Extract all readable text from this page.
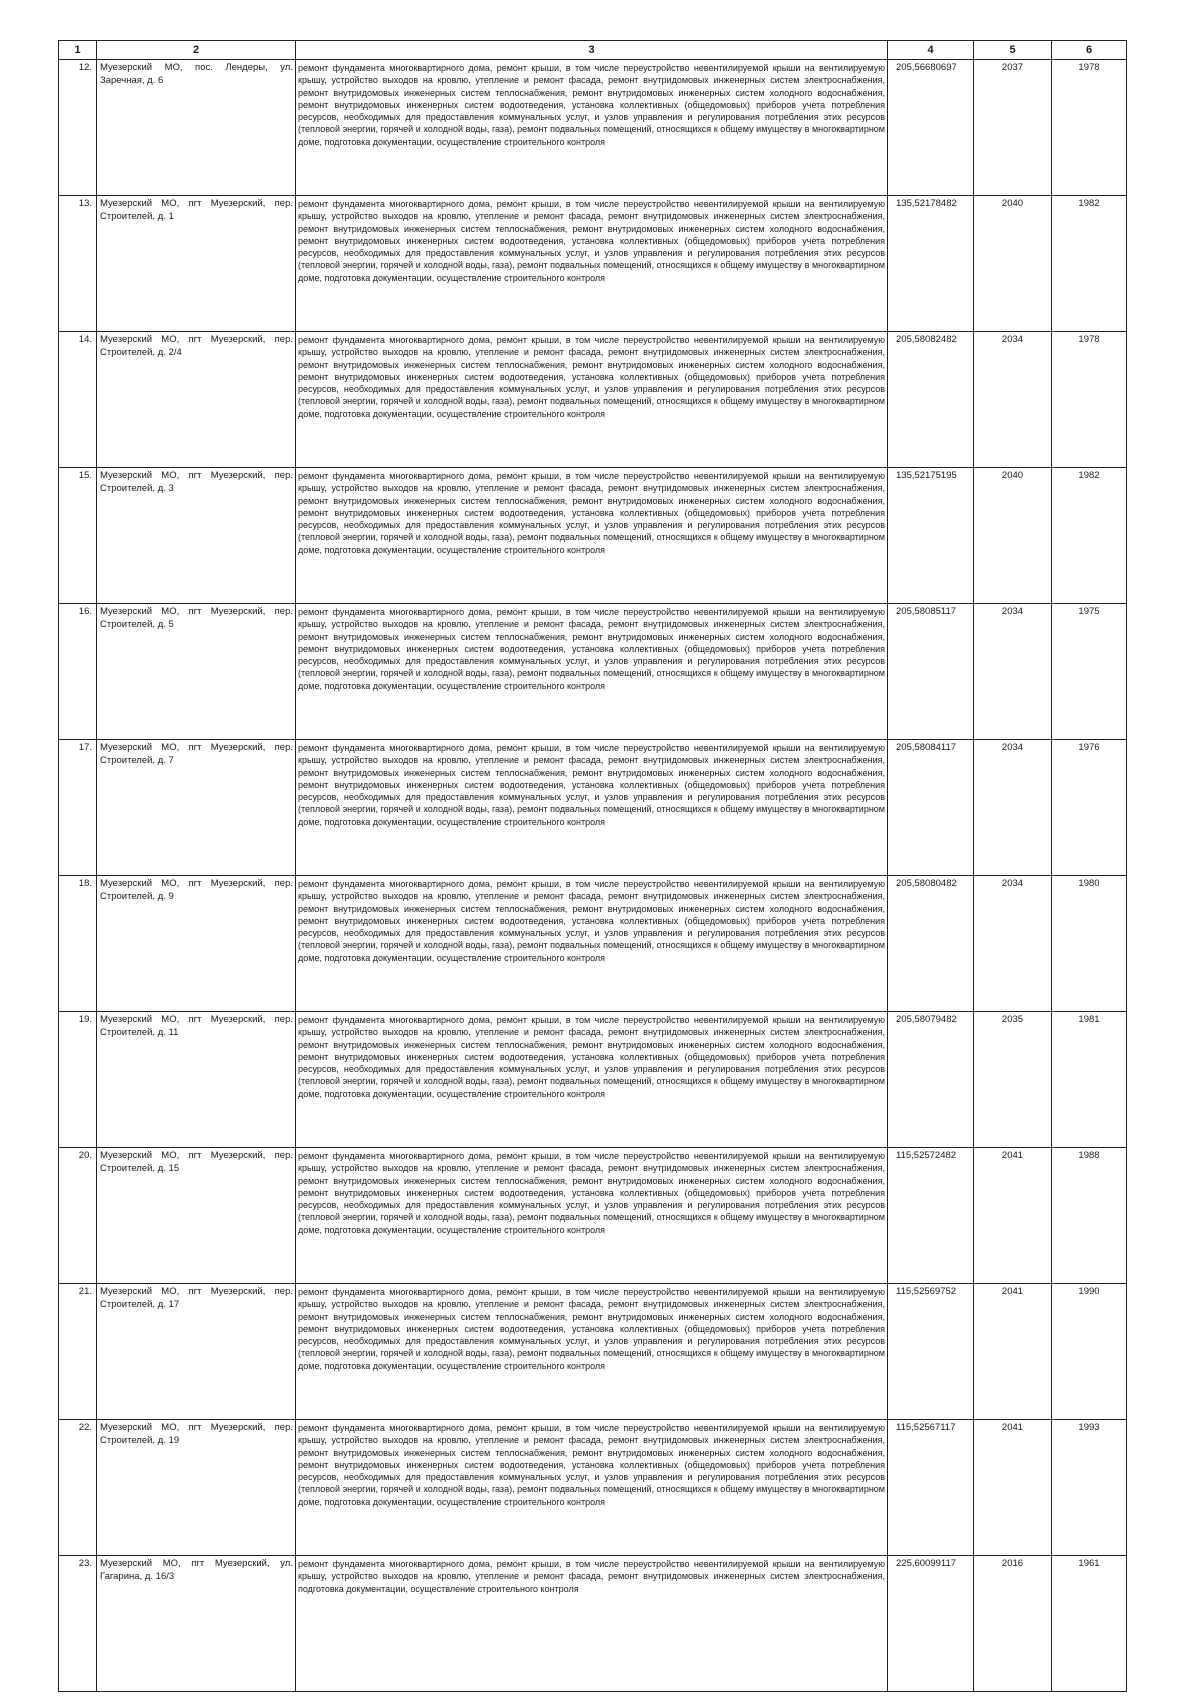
1	2	3	4	5	6
12.	Муезерский МО, пос. Лендеры, ул. Заречная, д. 6	ремонт фундамента многоквартирного дома, ремонт крыши, в том числе переустройство невентилируемой крыши на вентилируемую крышу, устройство выходов на кровлю, утепление и ремонт фасада, ремонт внутридомовых инженерных систем электроснабжения, ремонт внутридомовых инженерных систем теплоснабжения, ремонт внутридомовых инженерных систем холодного водоснабжения, ремонт внутридомовых инженерных систем водоотведения, установка коллективных (общедомовых) приборов учета потребления ресурсов, необходимых для предоставления коммунальных услуг, и узлов управления и регулирования потребления этих ресурсов (тепловой энергии, горячей и холодной воды, газа), ремонт подвальных помещений, относящихся к общему имуществу в многоквартирном доме, подготовка документации, осуществление строительного контроля	205,56680697	2037	1978
13.	Муезерский МО, пгт Муезерский, пер. Строителей, д. 1	ремонт фундамента многоквартирного дома, ремонт крыши, в том числе переустройство невентилируемой крыши на вентилируемую крышу, устройство выходов на кровлю, утепление и ремонт фасада, ремонт внутридомовых инженерных систем электроснабжения, ремонт внутридомовых инженерных систем теплоснабжения, ремонт внутридомовых инженерных систем холодного водоснабжения, ремонт внутридомовых инженерных систем водоотведения, установка коллективных (общедомовых) приборов учета потребления ресурсов, необходимых для предоставления коммунальных услуг, и узлов управления и регулирования потребления этих ресурсов (тепловой энергии, горячей и холодной воды, газа), ремонт подвальных помещений, относящихся к общему имуществу в многоквартирном доме, подготовка документации, осуществление строительного контроля	135,52178482	2040	1982
14.	Муезерский МО, пгт Муезерский, пер. Строителей, д. 2/4	ремонт фундамента многоквартирного дома, ремонт крыши, в том числе переустройство невентилируемой крыши на вентилируемую крышу, устройство выходов на кровлю, утепление и ремонт фасада, ремонт внутридомовых инженерных систем электроснабжения, ремонт внутридомовых инженерных систем теплоснабжения, ремонт внутридомовых инженерных систем холодного водоснабжения, ремонт внутридомовых инженерных систем водоотведения, установка коллективных (общедомовых) приборов учета потребления ресурсов, необходимых для предоставления коммунальных услуг, и узлов управления и регулирования потребления этих ресурсов (тепловой энергии, горячей и холодной воды, газа), ремонт подвальных помещений, относящихся к общему имуществу в многоквартирном доме, подготовка документации, осуществление строительного контроля	205,58082482	2034	1978
15.	Муезерский МО, пгт Муезерский, пер. Строителей, д. 3	ремонт фундамента многоквартирного дома, ремонт крыши, в том числе переустройство невентилируемой крыши на вентилируемую крышу, устройство выходов на кровлю, утепление и ремонт фасада, ремонт внутридомовых инженерных систем электроснабжения, ремонт внутридомовых инженерных систем теплоснабжения, ремонт внутридомовых инженерных систем холодного водоснабжения, ремонт внутридомовых инженерных систем водоотведения, установка коллективных (общедомовых) приборов учета потребления ресурсов, необходимых для предоставления коммунальных услуг, и узлов управления и регулирования потребления этих ресурсов (тепловой энергии, горячей и холодной воды, газа), ремонт подвальных помещений, относящихся к общему имуществу в многоквартирном доме, подготовка документации, осуществление строительного контроля	135,52175195	2040	1982
16.	Муезерский МО, пгт Муезерский, пер. Строителей, д. 5	ремонт фундамента многоквартирного дома, ремонт крыши, в том числе переустройство невентилируемой крыши на вентилируемую крышу, устройство выходов на кровлю, утепление и ремонт фасада, ремонт внутридомовых инженерных систем электроснабжения, ремонт внутридомовых инженерных систем теплоснабжения, ремонт внутридомовых инженерных систем холодного водоснабжения, ремонт внутридомовых инженерных систем водоотведения, установка коллективных (общедомовых) приборов учета потребления ресурсов, необходимых для предоставления коммунальных услуг, и узлов управления и регулирования потребления этих ресурсов (тепловой энергии, горячей и холодной воды, газа), ремонт подвальных помещений, относящихся к общему имуществу в многоквартирном доме, подготовка документации, осуществление строительного контроля	205,58085117	2034	1975
17.	Муезерский МО, пгт Муезерский, пер. Строителей, д. 7	ремонт фундамента многоквартирного дома, ремонт крыши, в том числе переустройство невентилируемой крыши на вентилируемую крышу, устройство выходов на кровлю, утепление и ремонт фасада, ремонт внутридомовых инженерных систем электроснабжения, ремонт внутридомовых инженерных систем теплоснабжения, ремонт внутридомовых инженерных систем холодного водоснабжения, ремонт внутридомовых инженерных систем водоотведения, установка коллективных (общедомовых) приборов учета потребления ресурсов, необходимых для предоставления коммунальных услуг, и узлов управления и регулирования потребления этих ресурсов (тепловой энергии, горячей и холодной воды, газа), ремонт подвальных помещений, относящихся к общему имуществу в многоквартирном доме, подготовка документации, осуществление строительного контроля	205,58084117	2034	1976
18.	Муезерский МО, пгт Муезерский, пер. Строителей, д. 9	ремонт фундамента многоквартирного дома, ремонт крыши, в том числе переустройство невентилируемой крыши на вентилируемую крышу, устройство выходов на кровлю, утепление и ремонт фасада, ремонт внутридомовых инженерных систем электроснабжения, ремонт внутридомовых инженерных систем теплоснабжения, ремонт внутридомовых инженерных систем холодного водоснабжения, ремонт внутридомовых инженерных систем водоотведения, установка коллективных (общедомовых) приборов учета потребления ресурсов, необходимых для предоставления коммунальных услуг, и узлов управления и регулирования потребления этих ресурсов (тепловой энергии, горячей и холодной воды, газа), ремонт подвальных помещений, относящихся к общему имуществу в многоквартирном доме, подготовка документации, осуществление строительного контроля	205,58080482	2034	1980
19.	Муезерский МО, пгт Муезерский, пер. Строителей, д. 11	ремонт фундамента многоквартирного дома, ремонт крыши, в том числе переустройство невентилируемой крыши на вентилируемую крышу, устройство выходов на кровлю, утепление и ремонт фасада, ремонт внутридомовых инженерных систем электроснабжения, ремонт внутридомовых инженерных систем теплоснабжения, ремонт внутридомовых инженерных систем холодного водоснабжения, ремонт внутридомовых инженерных систем водоотведения, установка коллективных (общедомовых) приборов учета потребления ресурсов, необходимых для предоставления коммунальных услуг, и узлов управления и регулирования потребления этих ресурсов (тепловой энергии, горячей и холодной воды, газа), ремонт подвальных помещений, относящихся к общему имуществу в многоквартирном доме, подготовка документации, осуществление строительного контроля	205,58079482	2035	1981
20.	Муезерский МО, пгт Муезерский, пер. Строителей, д. 15	ремонт фундамента многоквартирного дома, ремонт крыши, в том числе переустройство невентилируемой крыши на вентилируемую крышу, устройство выходов на кровлю, утепление и ремонт фасада, ремонт внутридомовых инженерных систем электроснабжения, ремонт внутридомовых инженерных систем теплоснабжения, ремонт внутридомовых инженерных систем холодного водоснабжения, ремонт внутридомовых инженерных систем водоотведения, установка коллективных (общедомовых) приборов учета потребления ресурсов, необходимых для предоставления коммунальных услуг, и узлов управления и регулирования потребления этих ресурсов (тепловой энергии, горячей и холодной воды, газа), ремонт подвальных помещений, относящихся к общему имуществу в многоквартирном доме, подготовка документации, осуществление строительного контроля	115,52572482	2041	1988
21.	Муезерский МО, пгт Муезерский, пер. Строителей, д. 17	ремонт фундамента многоквартирного дома, ремонт крыши, в том числе переустройство невентилируемой крыши на вентилируемую крышу, устройство выходов на кровлю, утепление и ремонт фасада, ремонт внутридомовых инженерных систем электроснабжения, ремонт внутридомовых инженерных систем теплоснабжения, ремонт внутридомовых инженерных систем холодного водоснабжения, ремонт внутридомовых инженерных систем водоотведения, установка коллективных (общедомовых) приборов учета потребления ресурсов, необходимых для предоставления коммунальных услуг, и узлов управления и регулирования потребления этих ресурсов (тепловой энергии, горячей и холодной воды, газа), ремонт подвальных помещений, относящихся к общему имуществу в многоквартирном доме, подготовка документации, осуществление строительного контроля	115,52569752	2041	1990
22.	Муезерский МО, пгт Муезерский, пер. Строителей, д. 19	ремонт фундамента многоквартирного дома, ремонт крыши, в том числе переустройство невентилируемой крыши на вентилируемую крышу, устройство выходов на кровлю, утепление и ремонт фасада, ремонт внутридомовых инженерных систем электроснабжения, ремонт внутридомовых инженерных систем теплоснабжения, ремонт внутридомовых инженерных систем холодного водоснабжения, ремонт внутридомовых инженерных систем водоотведения, установка коллективных (общедомовых) приборов учета потребления ресурсов, необходимых для предоставления коммунальных услуг, и узлов управления и регулирования потребления этих ресурсов (тепловой энергии, горячей и холодной воды, газа), ремонт подвальных помещений, относящихся к общему имуществу в многоквартирном доме, подготовка документации, осуществление строительного контроля	115,52567117	2041	1993
23.	Муезерский МО, пгт Муезерский, ул. Гагарина, д. 16/3	ремонт фундамента многоквартирного дома, ремонт крыши, в том числе переустройство невентилируемой крыши на вентилируемую крышу, устройство выходов на кровлю, утепление и ремонт фасада, ремонт внутридомовых инженерных систем электроснабжения, подготовка документации, осуществление строительного контроля	225,60099117	2016	1961
